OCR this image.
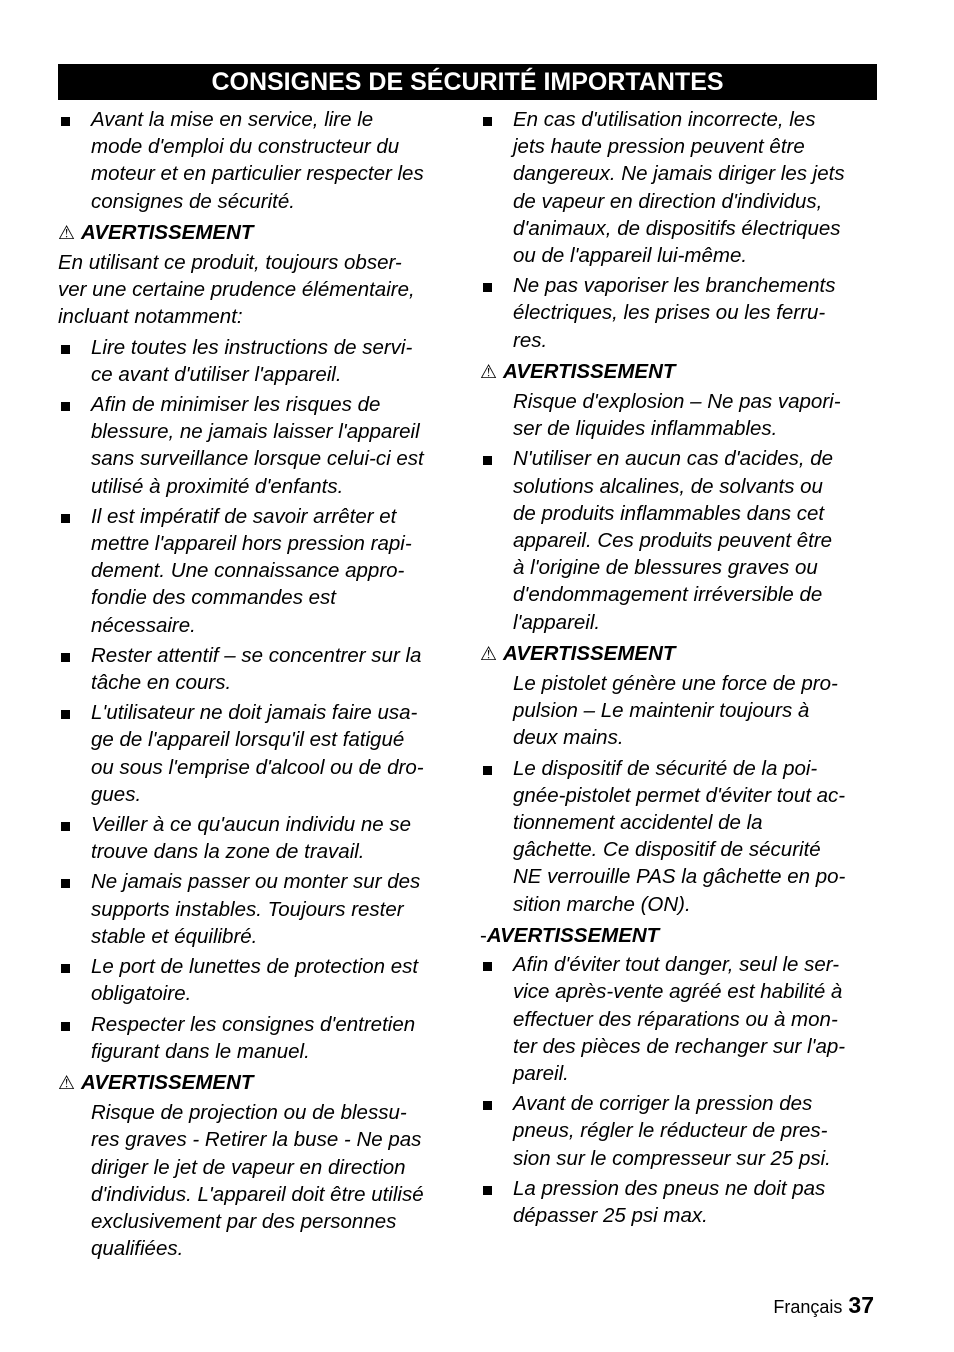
CONSIGNES DE SÉCURITÉ IMPORTANTES
Avant la mise en service, lire le
mode d'emploi du constructeur du
moteur et en particulier respecter les
consignes de sécurité.
⚠ AVERTISSEMENT
En utilisant ce produit, toujours obser-
ver une certaine prudence élémentaire,
incluant notamment:
Lire toutes les instructions de servi-
ce avant d'utiliser l'appareil.
Afin de minimiser les risques de
blessure, ne jamais laisser l'appareil
sans surveillance lorsque celui-ci est
utilisé à proximité d'enfants.
Il est impératif de savoir arrêter et
mettre l'appareil hors pression rapi-
dement. Une connaissance appro-
fondie des commandes est
nécessaire.
Rester attentif – se concentrer sur la
tâche en cours.
L'utilisateur ne doit jamais faire usa-
ge de l'appareil lorsqu'il est fatigué
ou sous l'emprise d'alcool ou de dro-
gues.
Veiller à ce qu'aucun individu ne se
trouve dans la zone de travail.
Ne jamais passer ou monter sur des
supports instables. Toujours rester
stable et équilibré.
Le port de lunettes de protection est
obligatoire.
Respecter les consignes d'entretien
figurant dans le manuel.
⚠ AVERTISSEMENT
Risque de projection ou de blessu-
res graves - Retirer la buse - Ne pas
diriger le jet de vapeur en direction
d'individus. L'appareil doit être utilisé
exclusivement par des personnes
qualifiées.
En cas d'utilisation incorrecte, les
jets haute pression peuvent être
dangereux. Ne jamais diriger les jets
de vapeur en direction d'individus,
d'animaux, de dispositifs électriques
ou de l'appareil lui-même.
Ne pas vaporiser les branchements
électriques, les prises ou les ferru-
res.
⚠ AVERTISSEMENT
Risque d'explosion – Ne pas vapori-
ser de liquides inflammables.
N'utiliser en aucun cas d'acides, de
solutions alcalines, de solvants ou
de produits inflammables dans cet
appareil. Ces produits peuvent être
à l'origine de blessures graves ou
d'endommagement irréversible de
l'appareil.
⚠ AVERTISSEMENT
Le pistolet génère une force de pro-
pulsion – Le maintenir toujours à
deux mains.
Le dispositif de sécurité de la poi-
gnée-pistolet permet d'éviter tout ac-
tionnement accidentel de la
gâchette. Ce dispositif de sécurité
NE verrouille PAS la gâchette en po-
sition marche (ON).
-AVERTISSEMENT
Afin d'éviter tout danger, seul le ser-
vice après-vente agréé est habilité à
effectuer des réparations ou à mon-
ter des pièces de rechanger sur l'ap-
pareil.
Avant de corriger la pression des
pneus, régler le réducteur de pres-
sion sur le compresseur sur 25 psi.
La pression des pneus ne doit pas
dépasser 25 psi max.
Français 37
